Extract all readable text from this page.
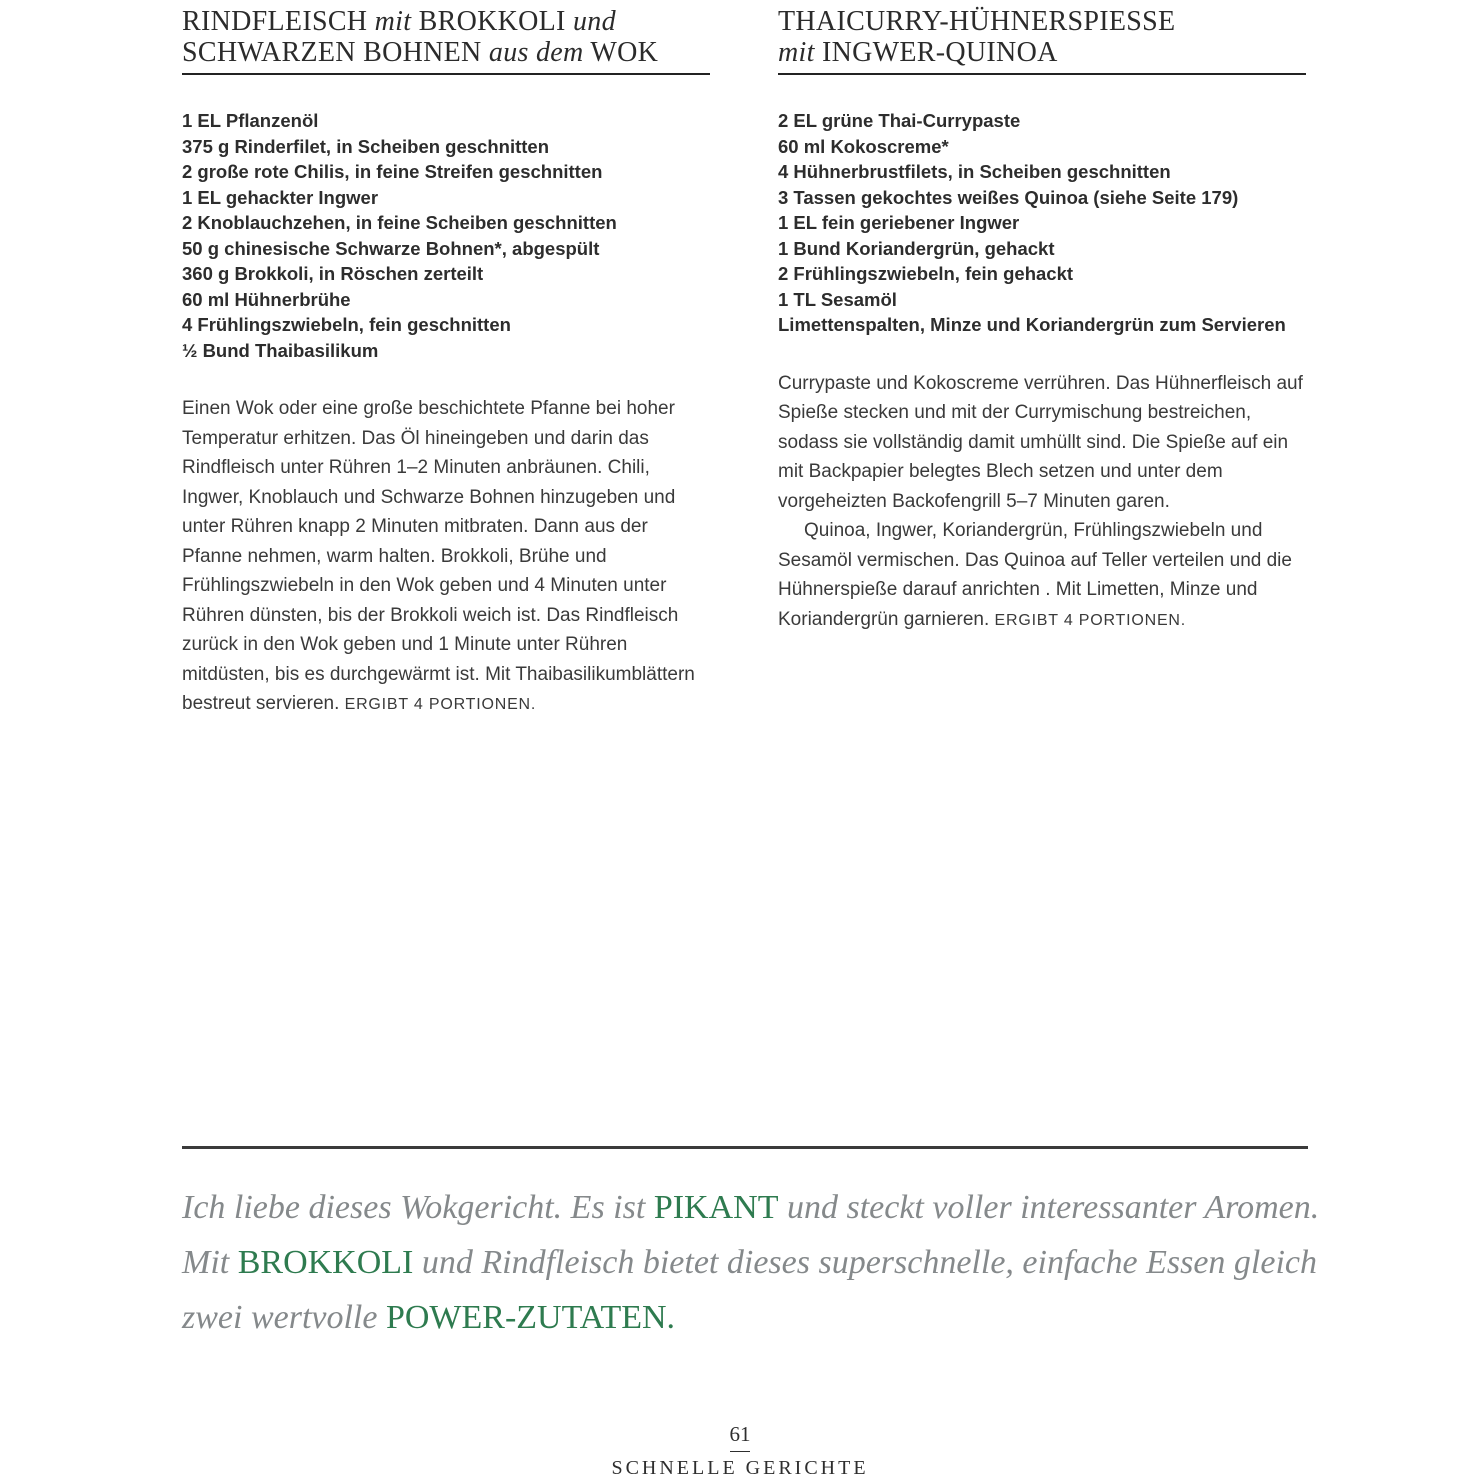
RINDFLEISCH mit BROKKOLI und
SCHWARZEN BOHNEN aus dem WOK
1 EL Pflanzenöl
375 g Rinderfilet, in Scheiben geschnitten
2 große rote Chilis, in feine Streifen geschnitten
1 EL gehackter Ingwer
2 Knoblauchzehen, in feine Scheiben geschnitten
50 g chinesische Schwarze Bohnen*, abgespült
360 g Brokkoli, in Röschen zerteilt
60 ml Hühnerbrühe
4 Frühlingszwiebeln, fein geschnitten
½ Bund Thaibasilikum

Einen Wok oder eine große beschichtete Pfanne bei hoher Temperatur erhitzen. Das Öl hineingeben und darin das Rindfleisch unter Rühren 1–2 Minuten anbräunen. Chili, Ingwer, Knoblauch und Schwarze Bohnen hinzugeben und unter Rühren knapp 2 Minuten mitbraten. Dann aus der Pfanne nehmen, warm halten. Brokkoli, Brühe und Frühlingszwiebeln in den Wok geben und 4 Minuten unter Rühren dünsten, bis der Brokkoli weich ist. Das Rindfleisch zurück in den Wok geben und 1 Minute unter Rühren mitdüsten, bis es durchgewärmt ist. Mit Thaibasilikumblättern bestreut servieren. ERGIBT 4 PORTIONEN.

THAICURRY-HÜHNERSPIESSE
mit INGWER-QUINOA
2 EL grüne Thai-Currypaste
60 ml Kokoscreme*
4 Hühnerbrustfilets, in Scheiben geschnitten
3 Tassen gekochtes weißes Quinoa (siehe Seite 179)
1 EL fein geriebener Ingwer
1 Bund Koriandergrün, gehackt
2 Frühlingszwiebeln, fein gehackt
1 TL Sesamöl
Limettenspalten, Minze und Koriandergrün zum Servieren

Currypaste und Kokoscreme verrühren. Das Hühnerfleisch auf Spieße stecken und mit der Currymischung bestreichen, sodass sie vollständig damit umhüllt sind. Die Spieße auf ein mit Backpapier belegtes Blech setzen und unter dem vorgeheizten Backofengrill 5–7 Minuten garen.

Quinoa, Ingwer, Koriandergrün, Frühlingszwiebeln und Sesamöl vermischen. Das Quinoa auf Teller verteilen und die Hühnerspieße darauf anrichten . Mit Limetten, Minze und Koriandergrün garnieren. ERGIBT 4 PORTIONEN.

Ich liebe dieses Wokgericht. Es ist PIKANT und steckt voller interessanter Aromen.
Mit BROKKOLI und Rindfleisch bietet dieses superschnelle, einfache Essen gleich
zwei wertvolle POWER-ZUTATEN.
61
SCHNELLE GERICHTE
